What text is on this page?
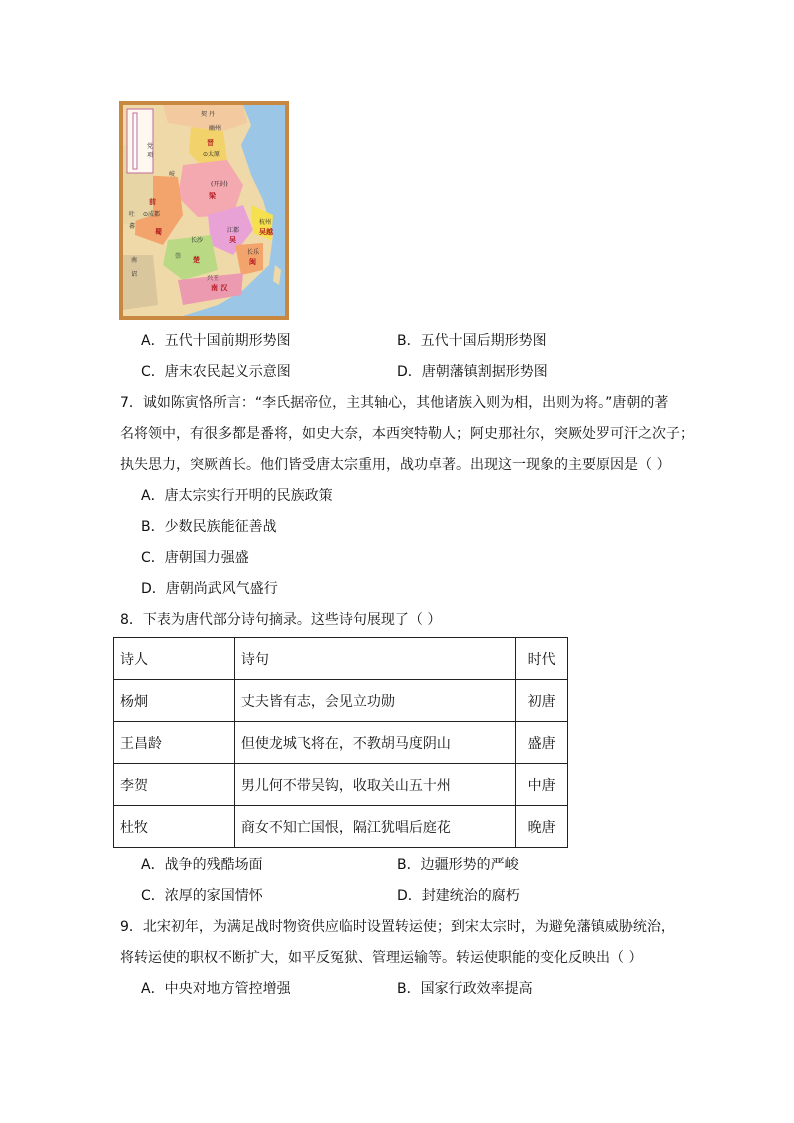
契 丹
党
项
幽州
晋
⊙太原
岐
梁
(开封)
前
⊙成都
蜀	江都
杭州
吴越
吴
长沙
楚
长乐
闽
兴王
南 汉
吐
蕃
南
诏
崇
A．五代十国前期形势图	B．五代十国后期形势图
C．唐末农民起义示意图	D．唐朝藩镇割据形势图
7．诚如陈寅恪所言：“李氏据帝位，主其轴心，其他诸族入则为相，出则为将。”唐朝的著
名将领中，有很多都是番将，如史大奈，本西突特勒人；阿史那社尔，突厥处罗可汗之次子；
执失思力，突厥酋长。他们皆受唐太宗重用，战功卓著。出现这一现象的主要原因是（ ）
A．唐太宗实行开明的民族政策
B．少数民族能征善战
C．唐朝国力强盛
D．唐朝尚武风气盛行
8．下表为唐代部分诗句摘录。这些诗句展现了（ ）
诗人	诗句	时代
杨炯	丈夫皆有志，会见立功勋	初唐
王昌龄	但使龙城飞将在，不教胡马度阴山	盛唐
李贺	男儿何不带吴钩，收取关山五十州	中唐
杜牧	商女不知亡国恨，隔江犹唱后庭花	晚唐
A．战争的残酷场面	B．边疆形势的严峻
C．浓厚的家国情怀	D．封建统治的腐朽
9．北宋初年，为满足战时物资供应临时设置转运使；到宋太宗时，为避免藩镇威胁统治，
将转运使的职权不断扩大，如平反冤狱、管理运输等。转运使职能的变化反映出（ ）
A．中央对地方管控增强	B．国家行政效率提高
